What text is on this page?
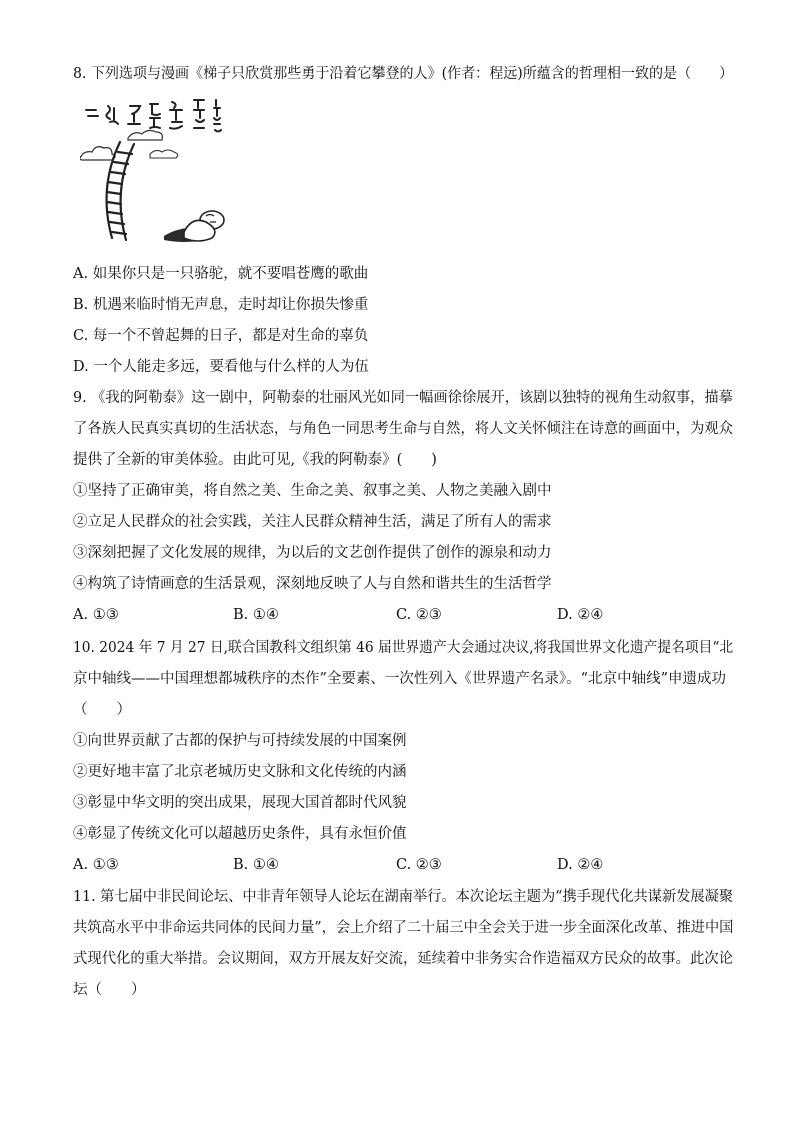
8. 下列选项与漫画《梯子只欣赏那些勇于沿着它攀登的人》(作者：程远)所蕴含的哲理相一致的是（　　）
A. 如果你只是一只骆驼，就不要唱苍鹰的歌曲
B. 机遇来临时悄无声息，走时却让你损失惨重
C. 每一个不曾起舞的日子，都是对生命的辜负
D. 一个人能走多远，要看他与什么样的人为伍
9. 《我的阿勒泰》这一剧中，阿勒泰的壮丽风光如同一幅画徐徐展开，该剧以独特的视角生动叙事，描摹
了各族人民真实真切的生活状态，与角色一同思考生命与自然，将人文关怀倾注在诗意的画面中，为观众
提供了全新的审美体验。由此可见,《我的阿勒泰》(　　)
①坚持了正确审美，将自然之美、生命之美、叙事之美、人物之美融入剧中
②立足人民群众的社会实践，关注人民群众精神生活，满足了所有人的需求
③深刻把握了文化发展的规律，为以后的文艺创作提供了创作的源泉和动力
④构筑了诗情画意的生活景观，深刻地反映了人与自然和谐共生的生活哲学
A. ①③	B. ①④	C. ②③	D. ②④
10. 2024 年 7 月 27 日,联合国教科文组织第 46 届世界遗产大会通过决议,将我国世界文化遗产提名项目“北
京中轴线——中国理想都城秩序的杰作”全要素、一次性列入《世界遗产名录》。“北京中轴线”申遗成功
（　　）
①向世界贡献了古都的保护与可持续发展的中国案例
②更好地丰富了北京老城历史文脉和文化传统的内涵
③彰显中华文明的突出成果，展现大国首都时代风貌
④彰显了传统文化可以超越历史条件，具有永恒价值
A. ①③	B. ①④	C. ②③	D. ②④
11. 第七届中非民间论坛、中非青年领导人论坛在湖南举行。本次论坛主题为“携手现代化共谋新发展凝聚
共筑高水平中非命运共同体的民间力量”，会上介绍了二十届三中全会关于进一步全面深化改革、推进中国
式现代化的重大举措。会议期间，双方开展友好交流，延续着中非务实合作造福双方民众的故事。此次论
坛（　　）
